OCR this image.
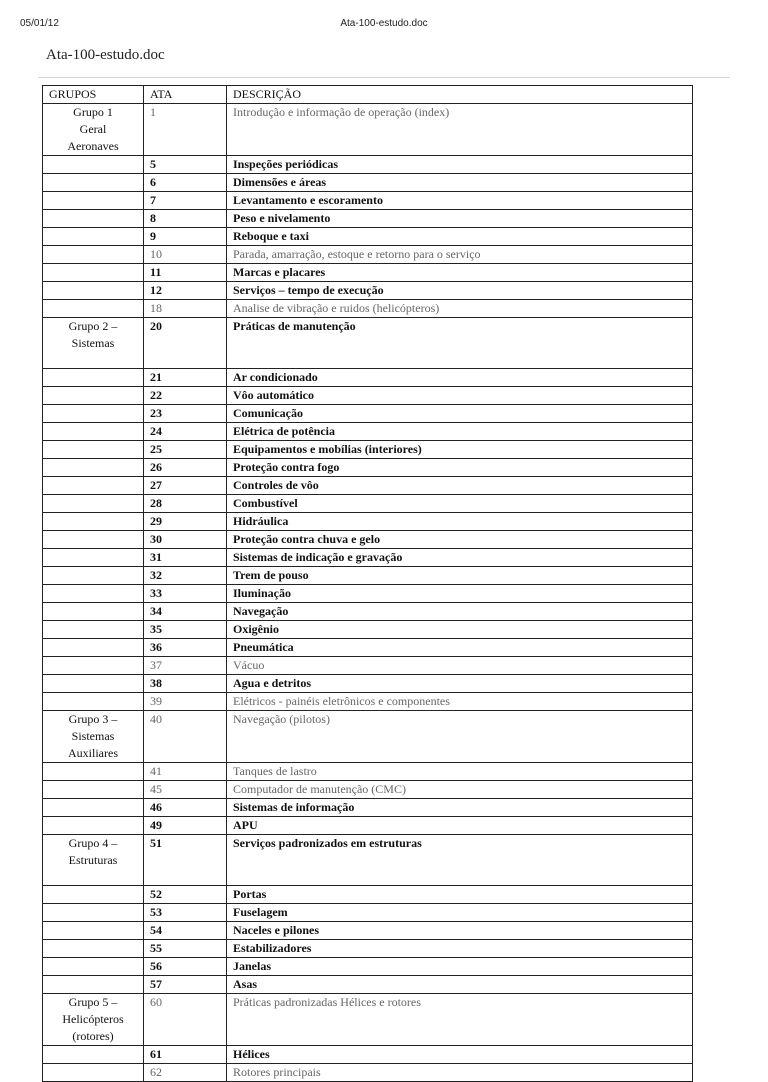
05/01/12	Ata-100-estudo.doc
Ata-100-estudo.doc
GRUPOS	ATA	DESCRIÇÃO

Grupo 1
Geral
Aeronaves	1	Introdução e informação de operação (index)
	5	Inspeções periódicas
	6	Dimensões e áreas
	7	Levantamento e escoramento
	8	Peso e nivelamento
	9	Reboque e taxi
	10	Parada, amarração, estoque e retorno para o serviço
	11	Marcas e placares
	12	Serviços – tempo de execução
	18	Analise de vibração e ruidos (helicópteros)

Grupo 2 –
Sistemas	20	Práticas de manutenção
	21	Ar condicionado
	22	Vôo automático
	23	Comunicação
	24	Elétrica de potência
	25	Equipamentos e mobílias (interiores)
	26	Proteção contra fogo
	27	Controles de vôo
	28	Combustível
	29	Hidráulica
	30	Proteção contra chuva e gelo
	31	Sistemas de indicação e gravação
	32	Trem de pouso
	33	Iluminação
	34	Navegação
	35	Oxigênio
	36	Pneumática
	37	Vácuo
	38	Agua e detritos
	39	Elétricos - painéis eletrônicos e componentes

Grupo 3 –
Sistemas
Auxiliares	40	Navegação (pilotos)
	41	Tanques de lastro
	45	Computador de manutenção (CMC)
	46	Sistemas de informação
	49	APU

Grupo 4 –
Estruturas	51	Serviços padronizados em estruturas
	52	Portas
	53	Fuselagem
	54	Naceles e pilones
	55	Estabilizadores
	56	Janelas
	57	Asas

Grupo 5 –
Helicópteros
(rotores)	60	Práticas padronizadas Hélices e rotores
	61	Hélices
	62	Rotores principais
